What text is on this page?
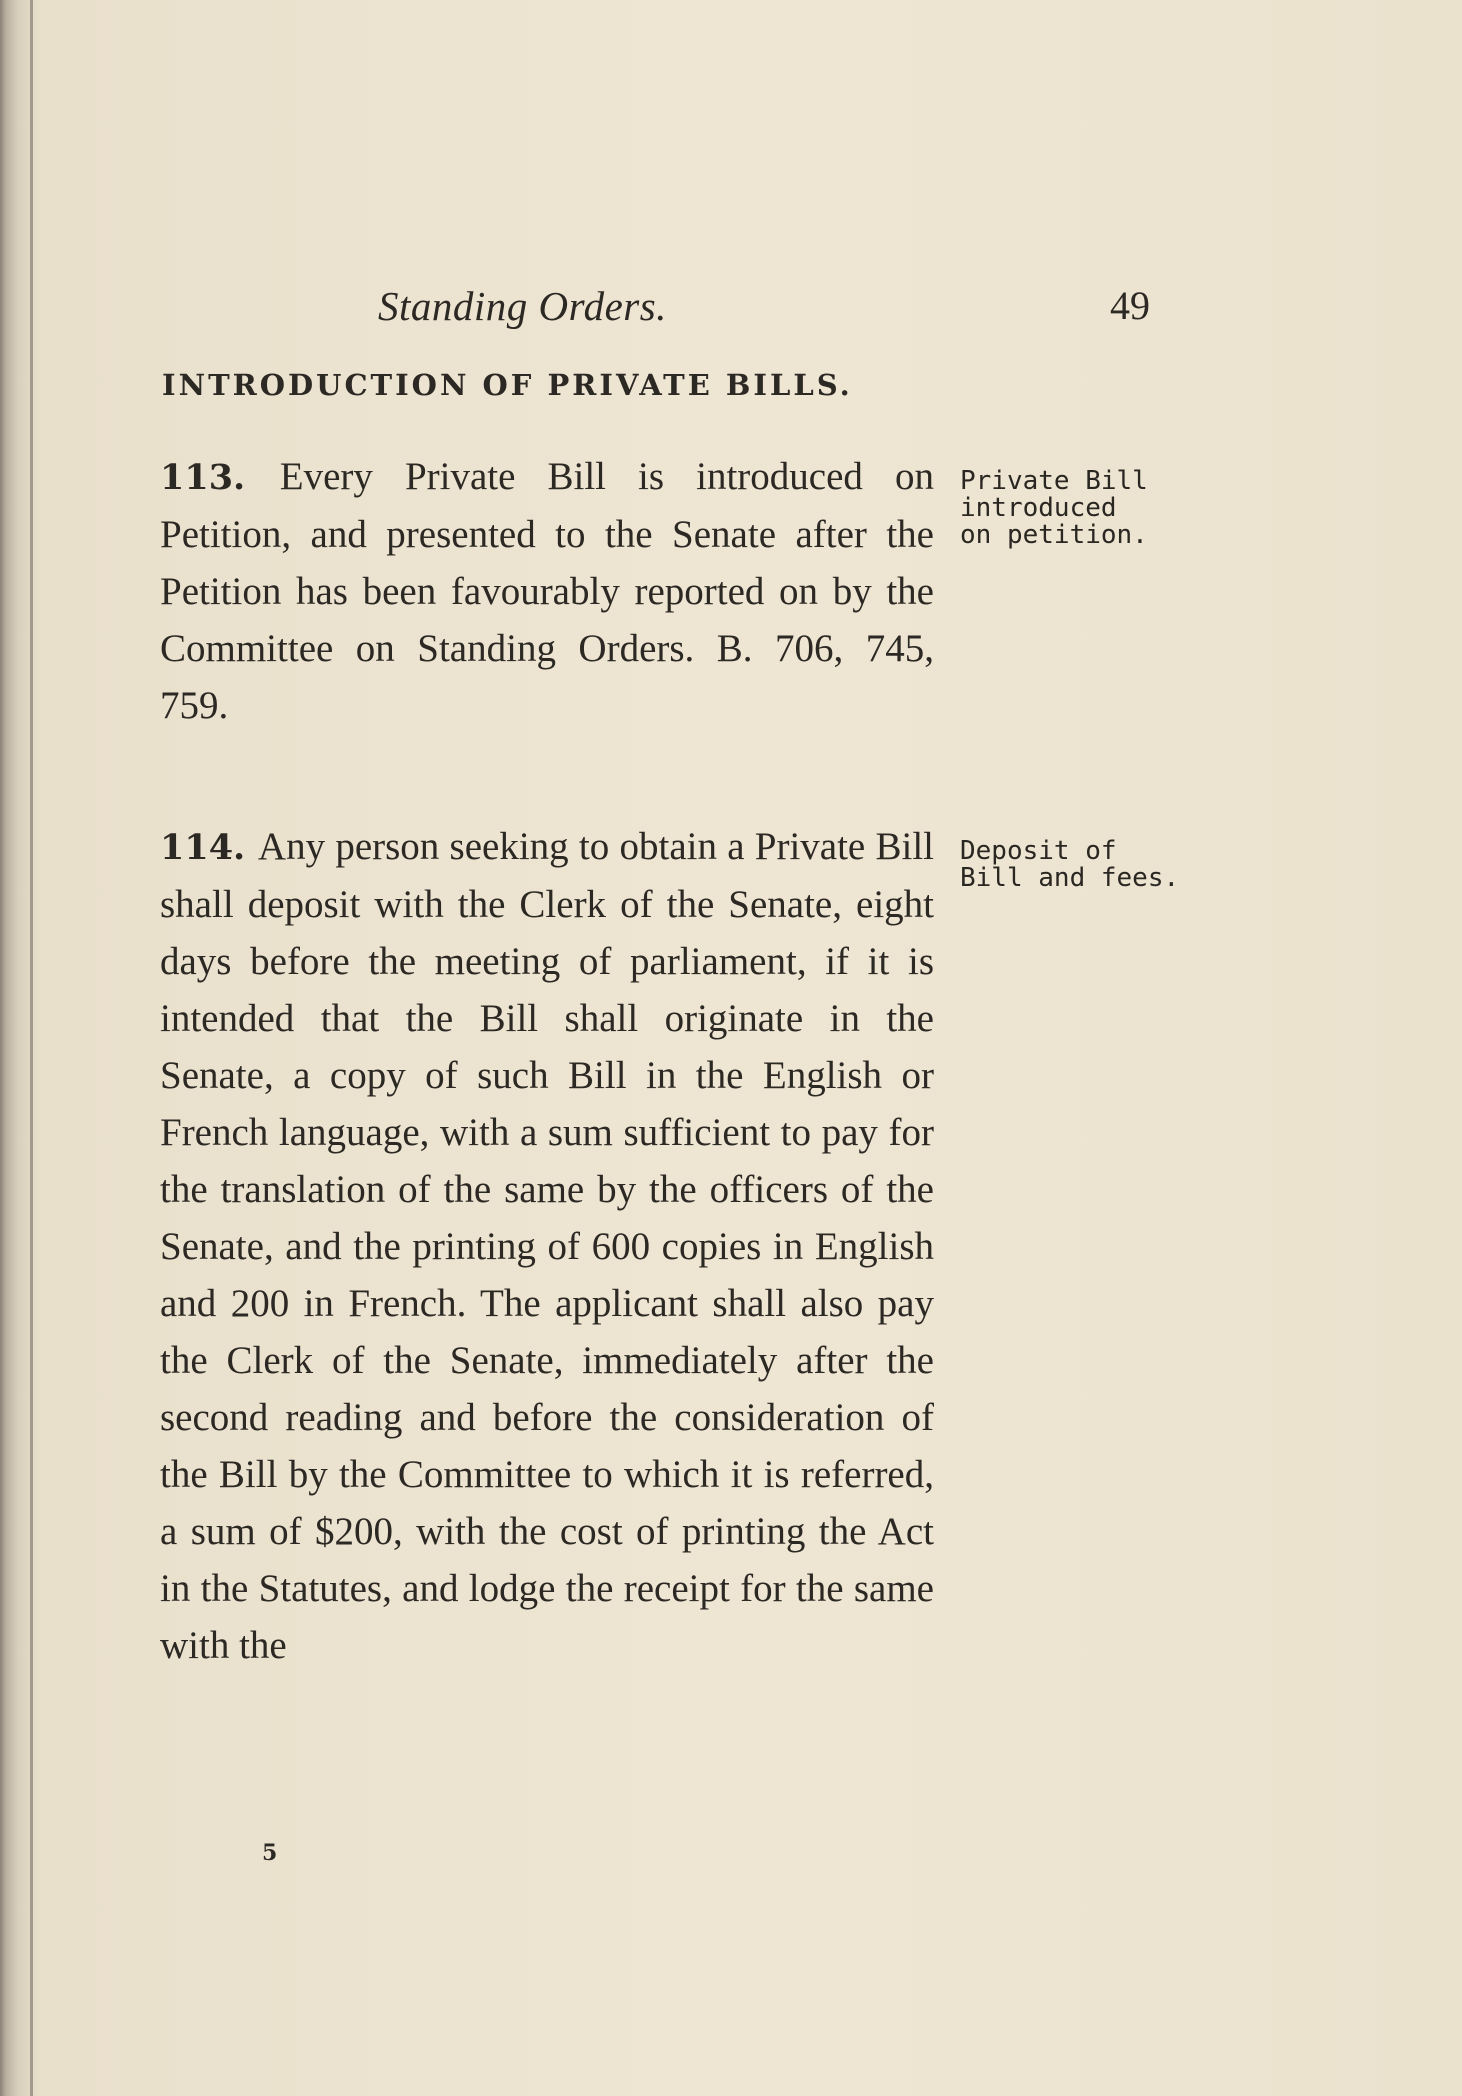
Standing Orders.	49
INTRODUCTION OF PRIVATE BILLS.
113. Every Private Bill is introduced on Petition, and presented to the Senate after the Petition has been favourably reported on by the Committee on Standing Orders. B. 706, 745, 759.
Private Bill
introduced
on petition.
114. Any person seeking to obtain a Private Bill shall deposit with the Clerk of the Senate, eight days before the meeting of parliament, if it is intended that the Bill shall originate in the Senate, a copy of such Bill in the English or French language, with a sum sufficient to pay for the translation of the same by the officers of the Senate, and the printing of 600 copies in English and 200 in French. The applicant shall also pay the Clerk of the Senate, immediately after the second reading and before the consideration of the Bill by the Committee to which it is referred, a sum of $200, with the cost of printing the Act in the Statutes, and lodge the receipt for the same with the
Deposit of
Bill and fees.
5
